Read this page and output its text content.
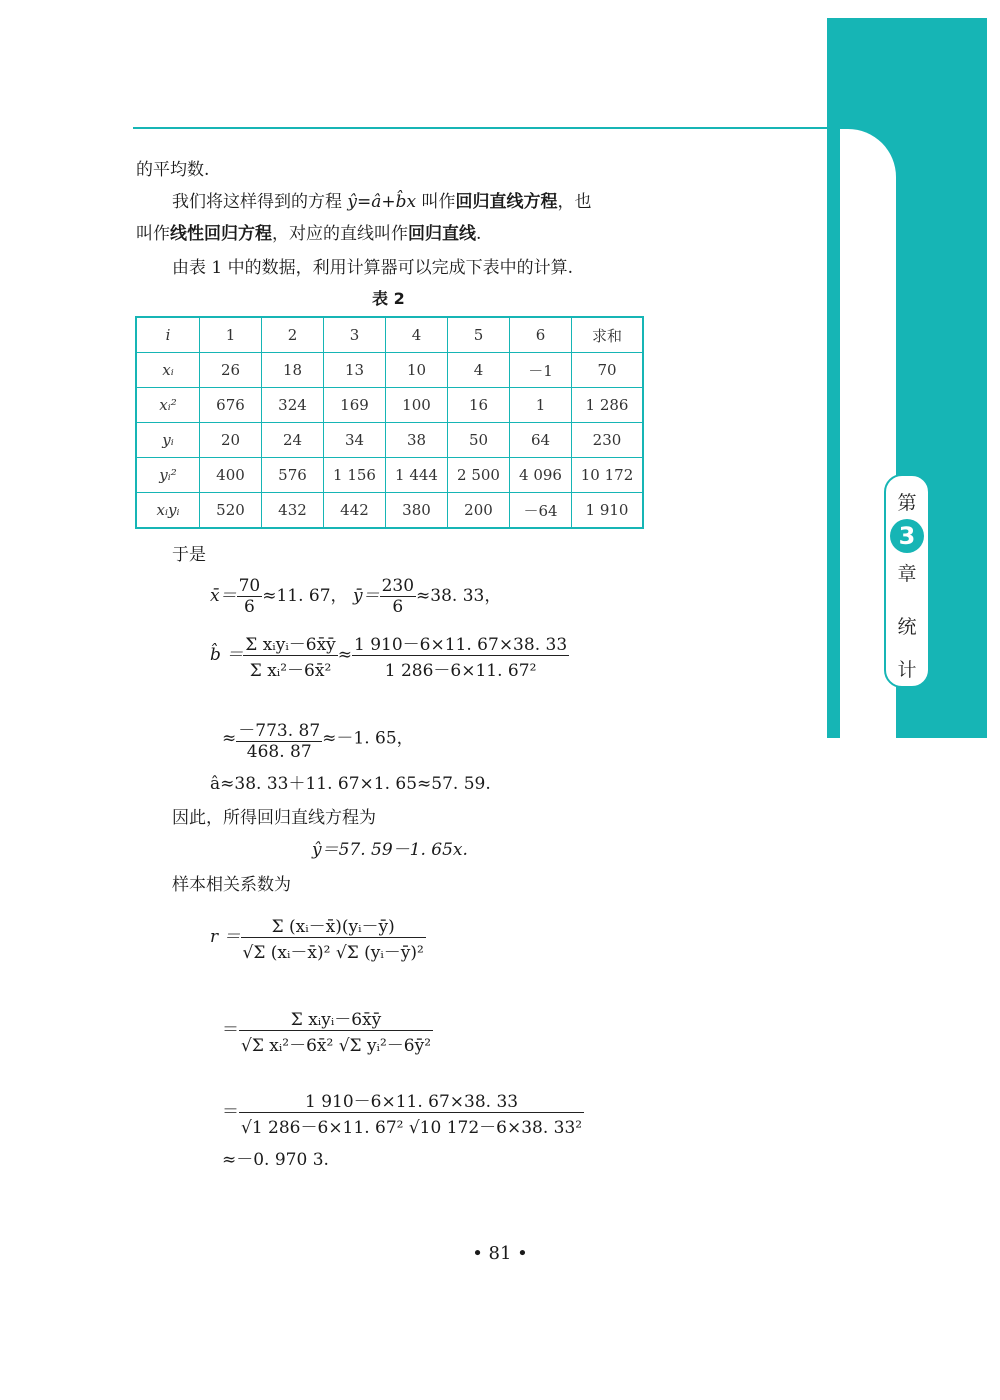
第
3
章
统
计
的平均数.
我们将这样得到的方程 ŷ=â+b̂x 叫作回归直线方程，也
叫作线性回归方程，对应的直线叫作回归直线.
由表 1 中的数据，利用计算器可以完成下表中的计算.
表 2
i	1	2	3	4	5	6	求和
xᵢ	26	18	13	10	4	－1	70
xᵢ²	676	324	169	100	16	1	1 286
yᵢ	20	24	34	38	50	64	230
yᵢ²	400	576	1 156	1 444	2 500	4 096	10 172
xᵢyᵢ	520	432	442	380	200	－64	1 910
于是
x̄＝ $\frac{70}{6} \approx 11$. 67， ȳ＝ $\frac{230}{6} \approx 38$. 33，
b̂ ＝ $\frac{\text{Σ xᵢyᵢ－6x̄ȳ}}{\text{Σ xᵢ²－6x̄²}} \approx \frac{1 910-6\times 11. 67\times 38. 33}{\text{1 286－6×11. 67²}}$
≈ $\frac{-773. 87}{468. 87} \approx-1$. 65，
â≈38. 33＋11. 67×1. 65≈57. 59.
因此，所得回归直线方程为
ŷ＝57. 59－1. 65x.
样本相关系数为
$r = \frac{\text{Σ (xᵢ－x̄)(yᵢ－ȳ)}}{\text{√Σ (xᵢ－x̄)² √Σ (yᵢ－ȳ)²}}$
＝ $\frac{\text{Σ xᵢyᵢ－6x̄ȳ}}{\text{√Σ xᵢ²－6x̄² √Σ yᵢ²－6ȳ²}}$
＝ $\frac{1 910-6\times 11. 67\times 38. 33}{\text{√1 286－6×11. 67² √10 172－6×38. 33²}}$
≈－0. 970 3.
• 81 •
